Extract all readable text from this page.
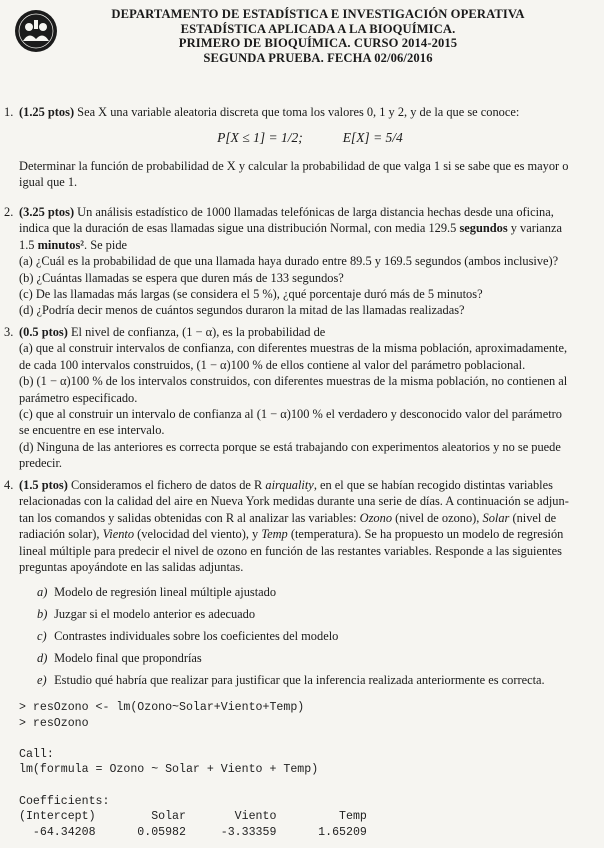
DEPARTAMENTO DE ESTADÍSTICA E INVESTIGACIÓN OPERATIVA
ESTADÍSTICA APLICADA A LA BIOQUÍMICA.
PRIMERO DE BIOQUÍMICA. CURSO 2014-2015
SEGUNDA PRUEBA. FECHA 02/06/2016
1. (1.25 ptos) Sea X una variable aleatoria discreta que toma los valores 0, 1 y 2, y de la que se conoce:
P[X ≤ 1] = 1/2;	E[X] = 5/4
Determinar la función de probabilidad de X y calcular la probabilidad de que valga 1 si se sabe que es mayor o
igual que 1.
2. (3.25 ptos) Un análisis estadístico de 1000 llamadas telefónicas de larga distancia hechas desde una oficina,
indica que la duración de esas llamadas sigue una distribución Normal, con media 129.5 segundos y varianza
1.5 minutos². Se pide
(a) ¿Cuál es la probabilidad de que una llamada haya durado entre 89.5 y 169.5 segundos (ambos inclusive)?
(b) ¿Cuántas llamadas se espera que duren más de 133 segundos?
(c) De las llamadas más largas (se considera el 5 %), ¿qué porcentaje duró más de 5 minutos?
(d) ¿Podría decir menos de cuántos segundos duraron la mitad de las llamadas realizadas?
3. (0.5 ptos) El nivel de confianza, (1 − α), es la probabilidad de
(a) que al construir intervalos de confianza, con diferentes muestras de la misma población, aproximadamente,
de cada 100 intervalos construidos, (1 − α)100 % de ellos contiene al valor del parámetro poblacional.
(b) (1 − α)100 % de los intervalos construidos, con diferentes muestras de la misma población, no contienen al
parámetro especificado.
(c) que al construir un intervalo de confianza al (1 − α)100 % el verdadero y desconocido valor del parámetro
se encuentre en ese intervalo.
(d) Ninguna de las anteriores es correcta porque se está trabajando con experimentos aleatorios y no se puede
predecir.
4. (1.5 ptos) Consideramos el fichero de datos de R airquality, en el que se habían recogido distintas variables
relacionadas con la calidad del aire en Nueva York medidas durante una serie de días. A continuación se adjun-
tan los comandos y salidas obtenidas con R al analizar las variables: Ozono (nivel de ozono), Solar (nivel de
radiación solar), Viento (velocidad del viento), y Temp (temperatura). Se ha propuesto un modelo de regresión
lineal múltiple para predecir el nivel de ozono en función de las restantes variables. Responde a las siguientes
preguntas apoyándote en las salidas adjuntas.
a) Modelo de regresión lineal múltiple ajustado
b) Juzgar si el modelo anterior es adecuado
c) Contrastes individuales sobre los coeficientes del modelo
d) Modelo final que propondrías
e) Estudio qué habría que realizar para justificar que la inferencia realizada anteriormente es correcta.
> resOzono <- lm(Ozono~Solar+Viento+Temp)
> resOzono

Call:
lm(formula = Ozono ~ Solar + Viento + Temp)

Coefficients:
(Intercept)        Solar       Viento         Temp
-64.34208      0.05982     -3.33359      1.65209
